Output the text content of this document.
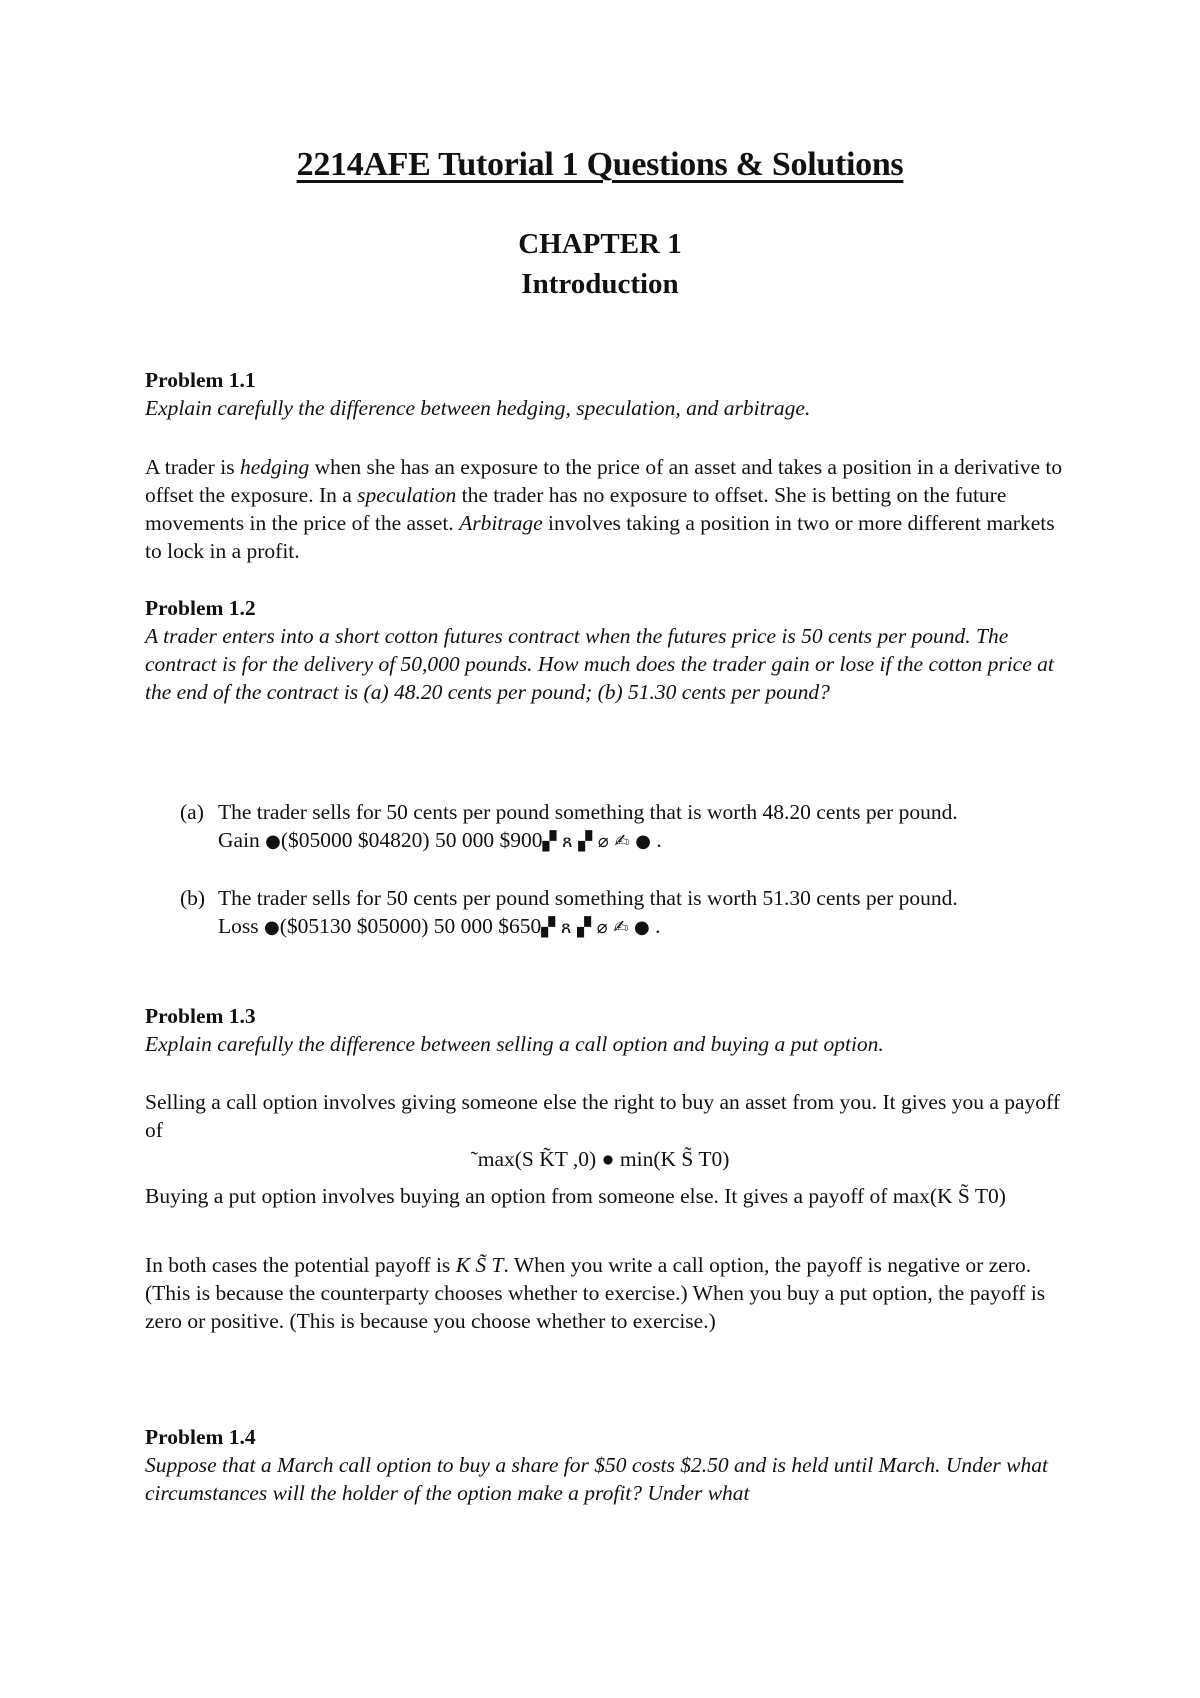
2214AFE Tutorial 1 Questions & Solutions
CHAPTER 1
Introduction
Problem 1.1
Explain carefully the difference between hedging, speculation, and arbitrage.
A trader is hedging when she has an exposure to the price of an asset and takes a position in a derivative to offset the exposure. In a speculation the trader has no exposure to offset. She is betting on the future movements in the price of the asset. Arbitrage involves taking a position in two or more different markets to lock in a profit.
Problem 1.2
A trader enters into a short cotton futures contract when the futures price is 50 cents per pound. The contract is for the delivery of 50,000 pounds. How much does the trader gain or lose if the cotton price at the end of the contract is (a) 48.20 cents per pound; (b) 51.30 cents per pound?
(a) The trader sells for 50 cents per pound something that is worth 48.20 cents per pound.
Gain ●($05000 $04820) 50 000 $900▞ ጸ ▞ ⌀ ✍ ● .
(b) The trader sells for 50 cents per pound something that is worth 51.30 cents per pound.
Loss ●($05130 $05000) 50 000 $650▞ ጸ ▞ ⌀ ✍ ● .
Problem 1.3
Explain carefully the difference between selling a call option and buying a put option.
Selling a call option involves giving someone else the right to buy an asset from you. It gives you a payoff of
˜max(S K̃T ,0) ● min(K S̃ T0)
Buying a put option involves buying an option from someone else. It gives a payoff of max(K S̃ T0)
In both cases the potential payoff is K S̃ T. When you write a call option, the payoff is negative or zero. (This is because the counterparty chooses whether to exercise.) When you buy a put option, the payoff is zero or positive. (This is because you choose whether to exercise.)
Problem 1.4
Suppose that a March call option to buy a share for $50 costs $2.50 and is held until March. Under what circumstances will the holder of the option make a profit? Under what
